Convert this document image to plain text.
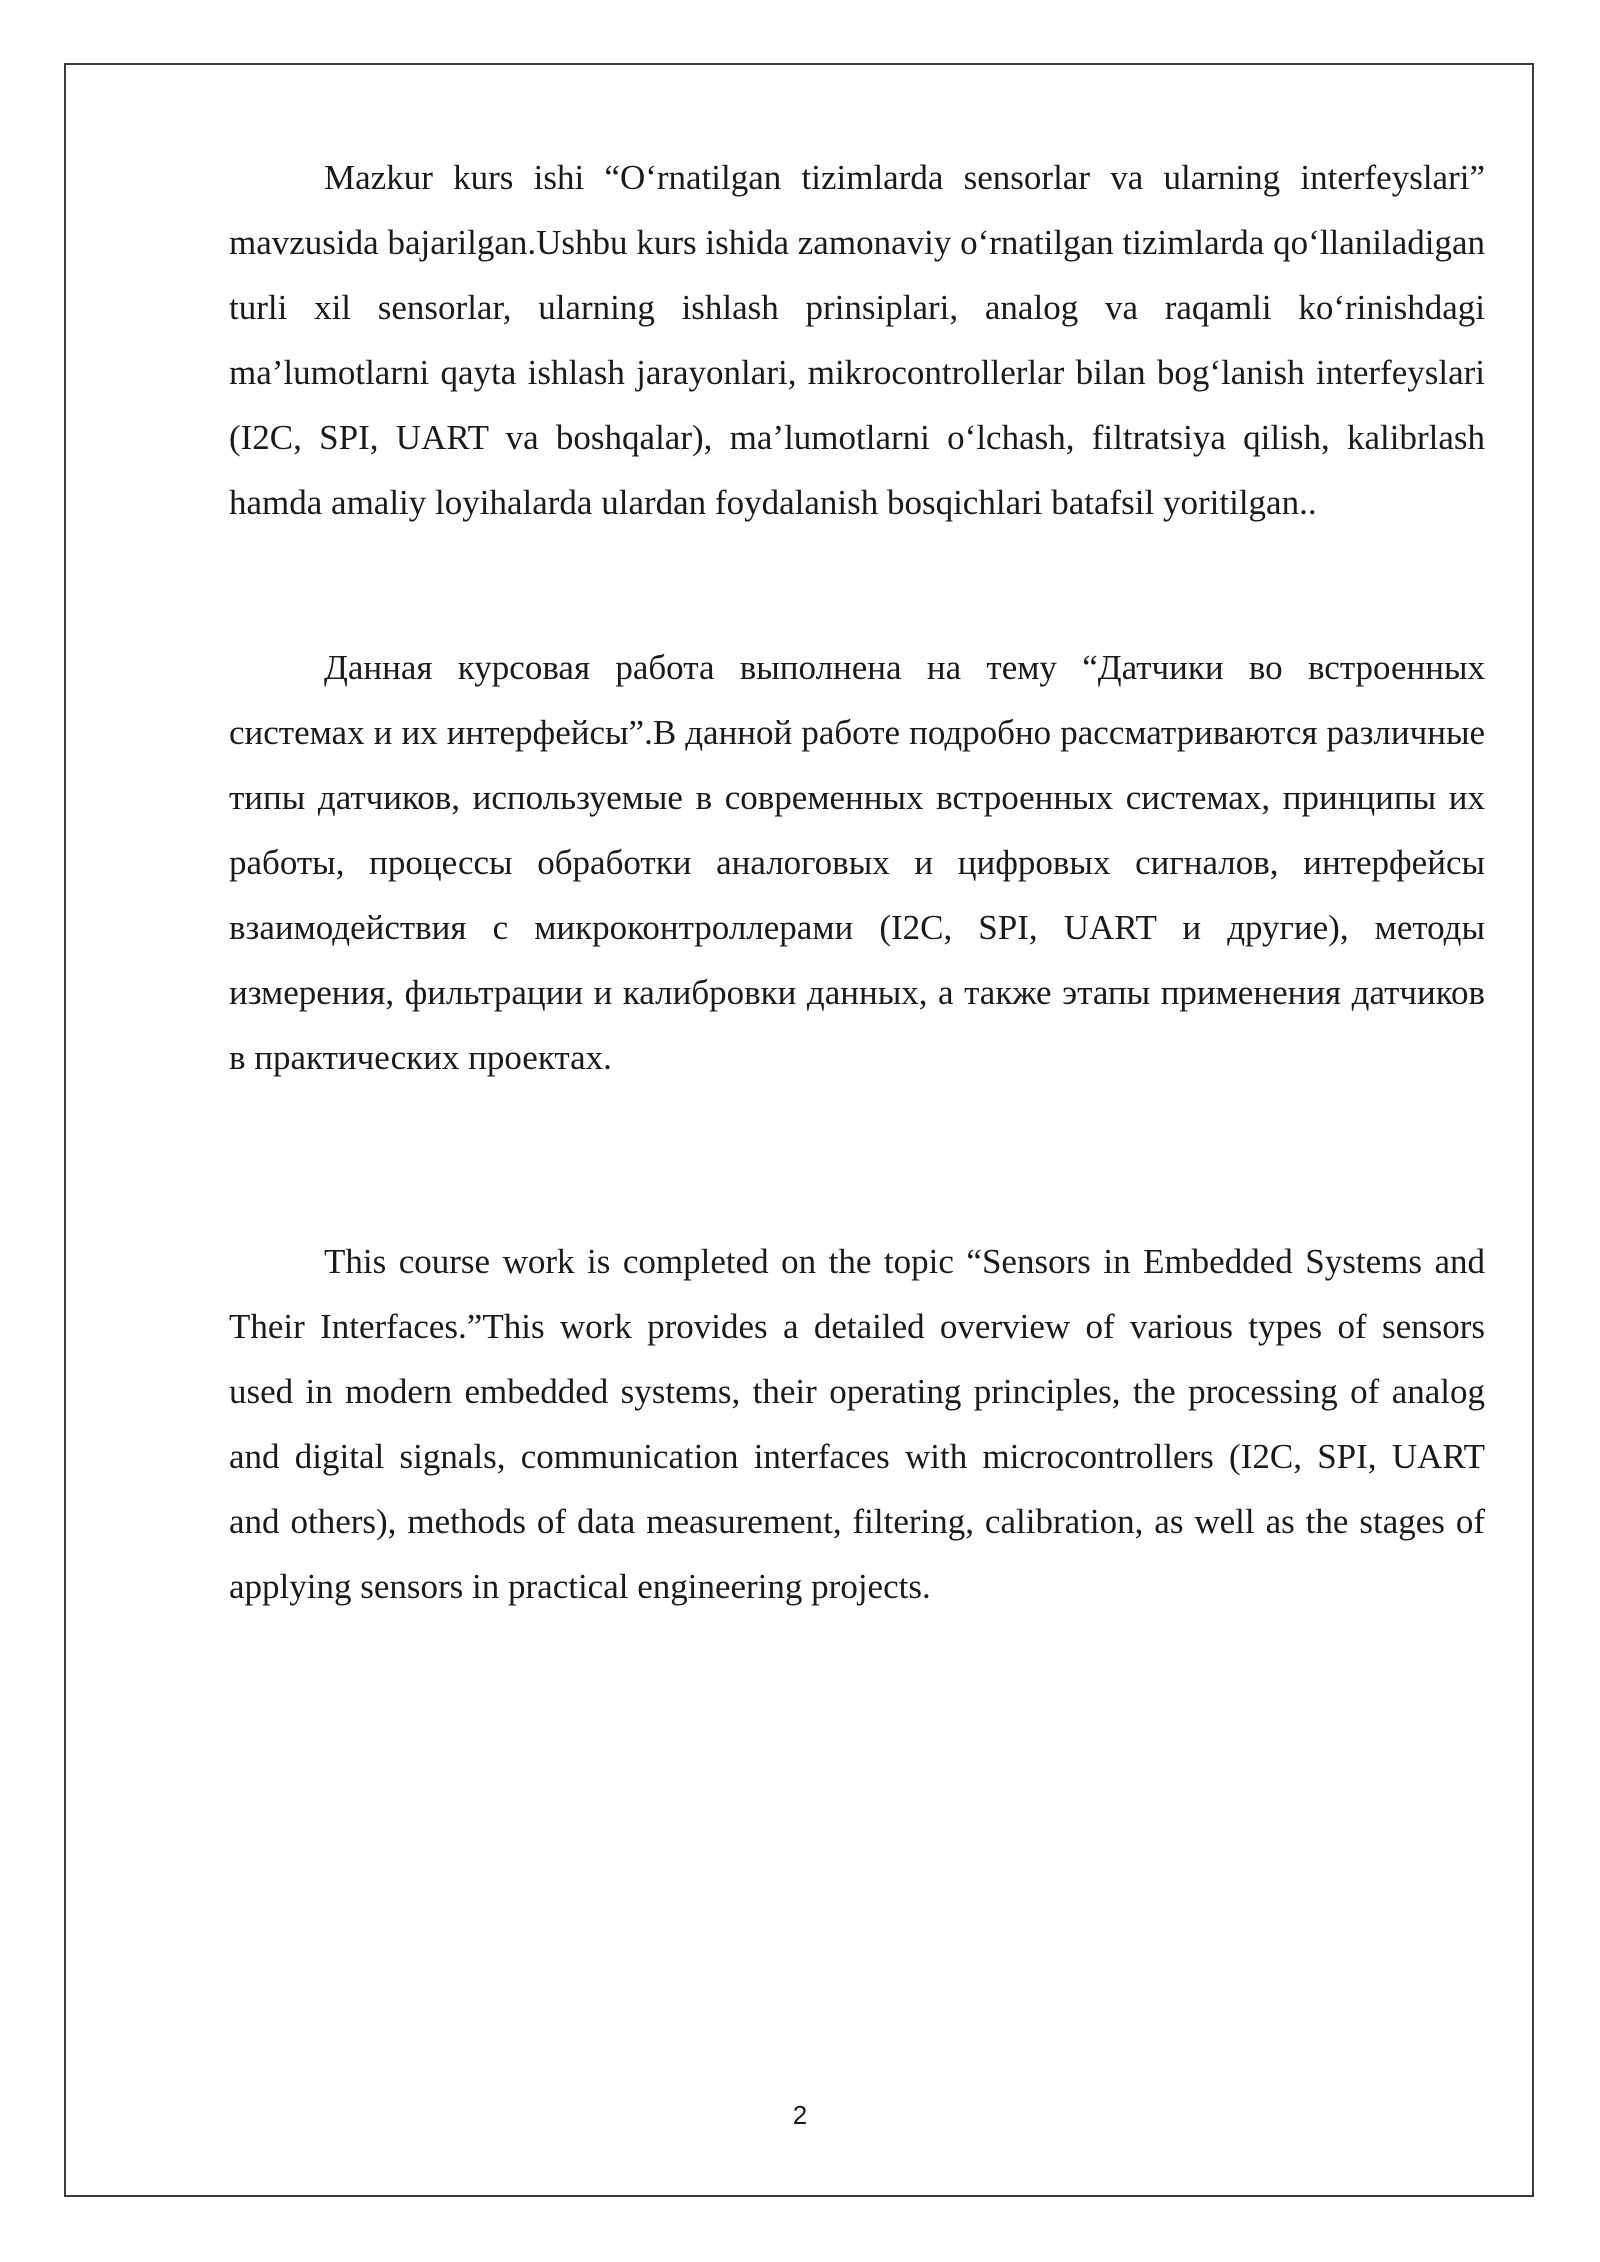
Mazkur kurs ishi “O‘rnatilgan tizimlarda sensorlar va ularning interfeyslari” mavzusida bajarilgan.Ushbu kurs ishida zamonaviy o‘rnatilgan tizimlarda qo‘llaniladigan turli xil sensorlar, ularning ishlash prinsiplari, analog va raqamli ko‘rinishdagi ma’lumotlarni qayta ishlash jarayonlari, mikrocontrollerlar bilan bog‘lanish interfeyslari (I2C, SPI, UART va boshqalar), ma’lumotlarni o‘lchash, filtratsiya qilish, kalibrlash hamda amaliy loyihalarda ulardan foydalanish bosqichlari batafsil yoritilgan..

Данная курсовая работа выполнена на тему “Датчики во встроенных системах и их интерфейсы”.В данной работе подробно рассматриваются различные типы датчиков, используемые в современных встроенных системах, принципы их работы, процессы обработки аналоговых и цифровых сигналов, интерфейсы взаимодействия с микроконтроллерами (I2C, SPI, UART и другие), методы измерения, фильтрации и калибровки данных, а также этапы применения датчиков в практических проектах.

This course work is completed on the topic “Sensors in Embedded Systems and Their Interfaces.”This work provides a detailed overview of various types of sensors used in modern embedded systems, their operating principles, the processing of analog and digital signals, communication interfaces with microcontrollers (I2C, SPI, UART and others), methods of data measurement, filtering, calibration, as well as the stages of applying sensors in practical engineering projects.

2
